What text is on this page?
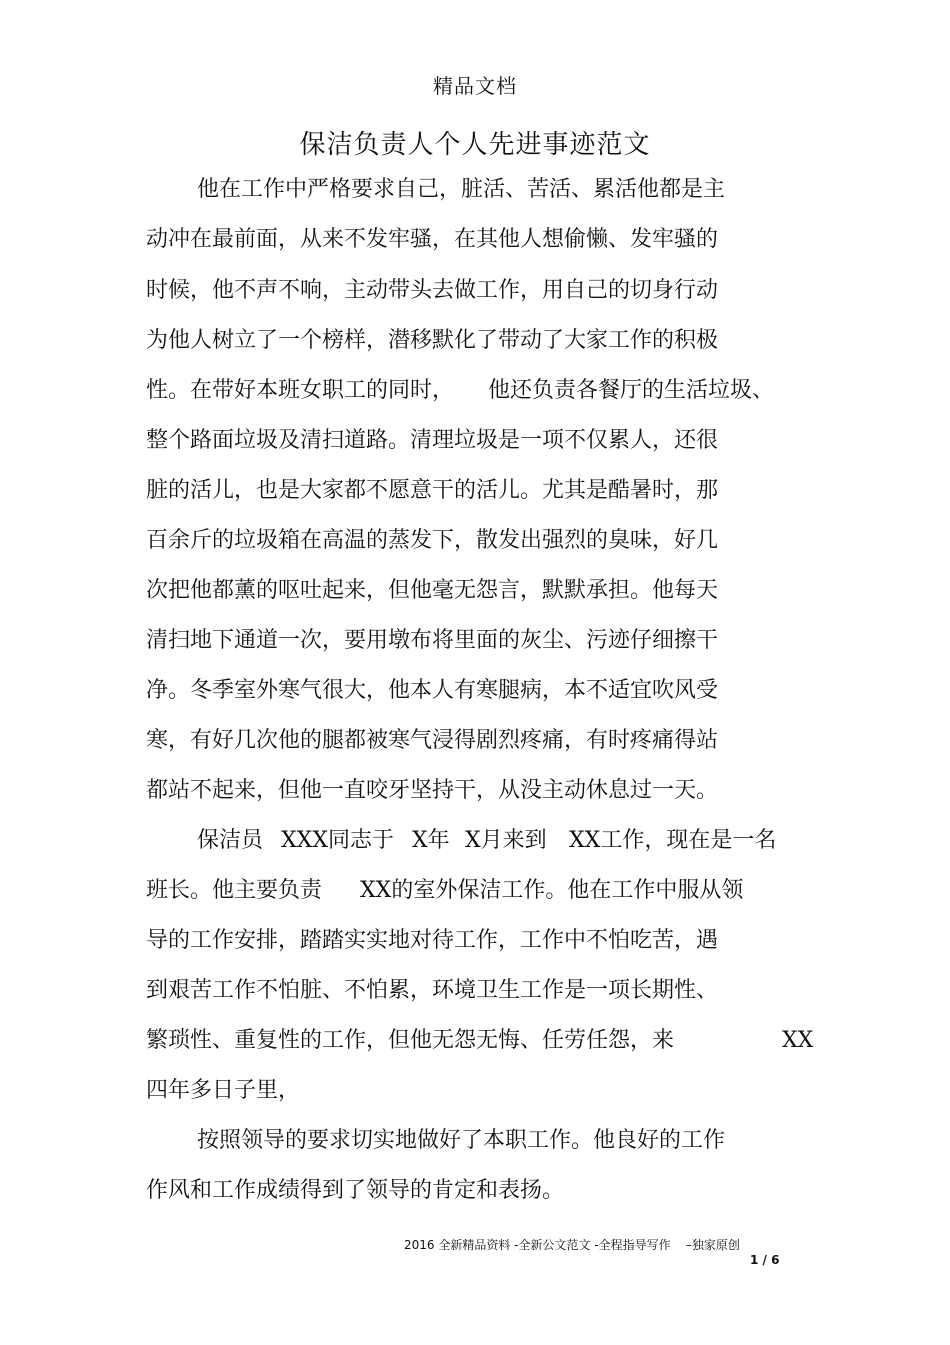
精品文档
保洁负责人个人先进事迹范文

他在工作中严格要求自己，脏活、苦活、累活他都是主

动冲在最前面，从来不发牢骚，在其他人想偷懒、发牢骚的

时候，他不声不响，主动带头去做工作，用自己的切身行动

为他人树立了一个榜样，潜移默化了带动了大家工作的积极

性。在带好本班女职工的同时，

他还负责各餐厅的生活垃圾、

整个路面垃圾及清扫道路。清理垃圾是一项不仅累人，还很

脏的活儿，也是大家都不愿意干的活儿。尤其是酷暑时，那

百余斤的垃圾箱在高温的蒸发下，散发出强烈的臭味，好几

次把他都薰的呕吐起来，但他毫无怨言，默默承担。他每天

清扫地下通道一次，要用墩布将里面的灰尘、污迹仔细擦干

净。冬季室外寒气很大，他本人有寒腿病，本不适宜吹风受

寒，有好几次他的腿都被寒气浸得剧烈疼痛，有时疼痛得站

都站不起来，但他一直咬牙坚持干，从没主动休息过一天。

保洁员

XXX同志于

X年

X月来到

XX工作，现在是一名

班长。他主要负责

XX的室外保洁工作。他在工作中服从领

导的工作安排，踏踏实实地对待工作，工作中不怕吃苦，遇

到艰苦工作不怕脏、不怕累，环境卫生工作是一项长期性、

繁琐性、重复性的工作，但他无怨无悔、任劳任怨，来

	XX

四年多日子里，

按照领导的要求切实地做好了本职工作。他良好的工作

作风和工作成绩得到了领导的肯定和表扬。

2016 全新精品资料 -全新公文范文 -全程指导写作    –独家原创
1 / 6
